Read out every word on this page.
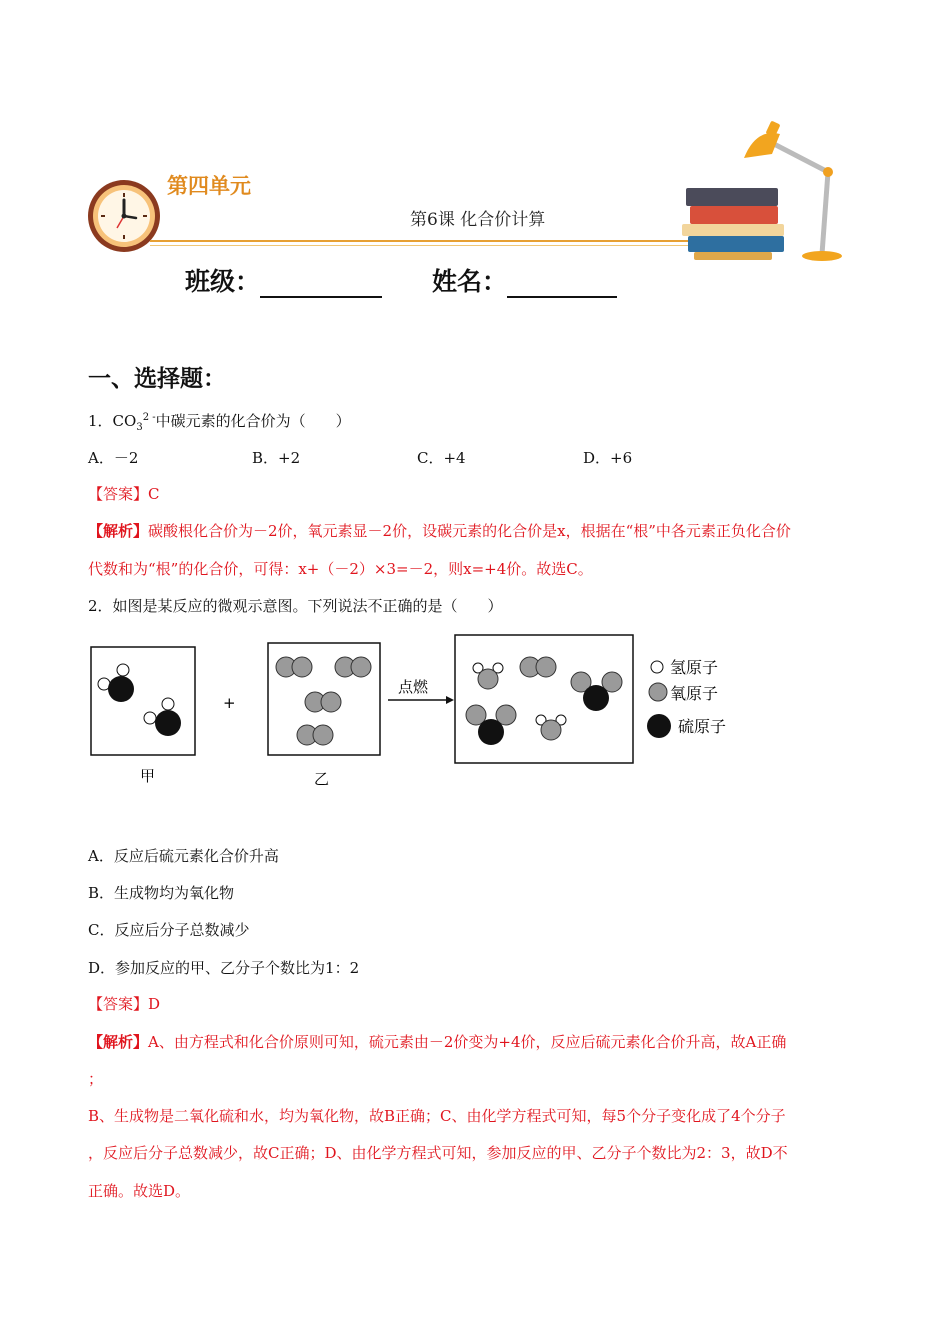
第四单元
第6课 化合价计算
班级：	姓名：
一、选择题：
1．$CO_3^{2 -}$中碳元素的化合价为（　　）
A．－2	B．+2	C．+4	D．+6
【答案】C
【解析】碳酸根化合价为－2价，氧元素显－2价，设碳元素的化合价是x，根据在“根”中各元素正负化合价
代数和为“根”的化合价，可得：x+（－2）×3=－2，则x=+4价。故选C。
2．如图是某反应的微观示意图。下列说法不正确的是（　　）
+
点燃
氢原子
氧原子
硫原子
甲	乙
A．反应后硫元素化合价升高
B．生成物均为氧化物
C．反应后分子总数减少
D．参加反应的甲、乙分子个数比为1：2
【答案】D
【解析】A、由方程式和化合价原则可知，硫元素由－2价变为+4价，反应后硫元素化合价升高，故A正确
；
B、生成物是二氧化硫和水，均为氧化物，故B正确；C、由化学方程式可知，每5个分子变化成了4个分子
，反应后分子总数减少，故C正确；D、由化学方程式可知，参加反应的甲、乙分子个数比为2：3，故D不
正确。故选D。
